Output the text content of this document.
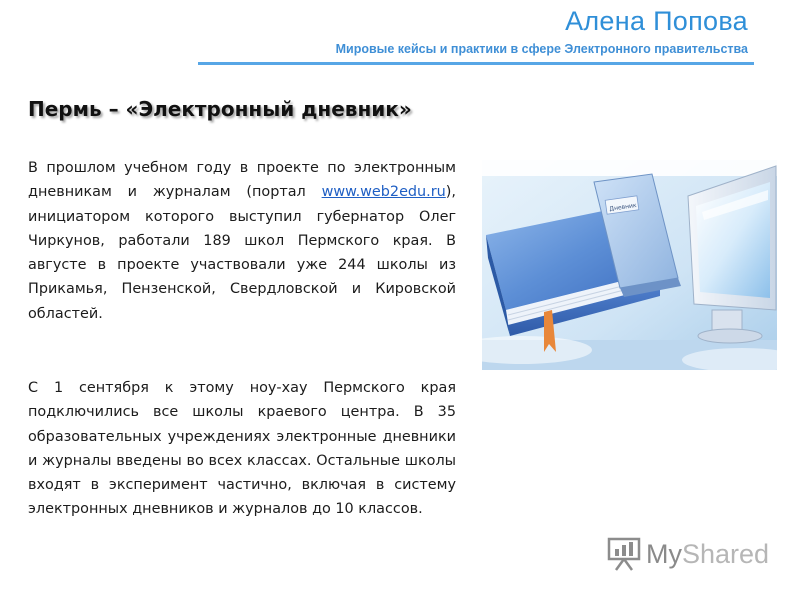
Алена Попова
Мировые кейсы и практики в сфере Электронного правительства
Пермь – «Электронный дневник»
В прошлом учебном году в проекте по электронным дневникам и журналам (портал www.web2edu.ru), инициатором которого выступил губернатор Олег Чиркунов, работали 189 школ Пермского края. В августе в проекте участвовали уже 244 школы из Прикамья, Пензенской, Свердловской и Кировской областей.
С 1 сентября к этому ноу-хау Пермского края подключились все школы краевого центра. В 35 образовательных учреждениях электронные дневники и журналы введены во всех классах. Остальные школы входят в эксперимент частично, включая в систему электронных дневников и журналов до 10 классов.
Дневник
MyShared
